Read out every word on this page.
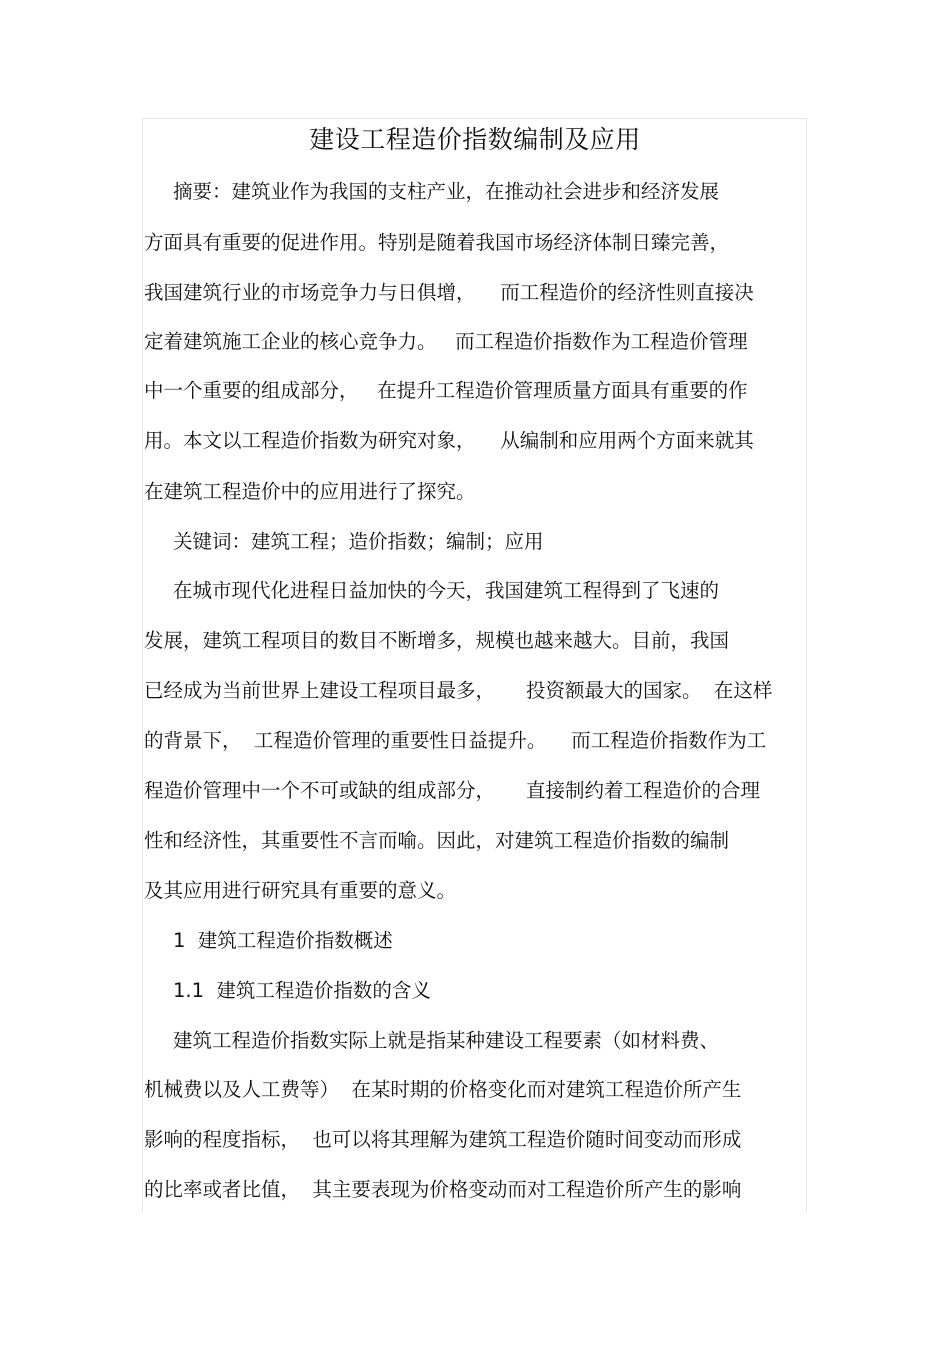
建设工程造价指数编制及应用
摘要：建筑业作为我国的支柱产业，在推动社会进步和经济发展
方面具有重要的促进作用。特别是随着我国市场经济体制日臻完善，
我国建筑行业的市场竞争力与日俱增，    而工程造价的经济性则直接决
定着建筑施工企业的核心竞争力。   而工程造价指数作为工程造价管理
中一个重要的组成部分，   在提升工程造价管理质量方面具有重要的作
用。本文以工程造价指数为研究对象，    从编制和应用两个方面来就其
在建筑工程造价中的应用进行了探究。
关键词：建筑工程；造价指数；编制；应用
在城市现代化进程日益加快的今天，我国建筑工程得到了飞速的
发展，建筑工程项目的数目不断增多，规模也越来越大。目前，我国
已经成为当前世界上建设工程项目最多，     投资额最大的国家。  在这样
的背景下，  工程造价管理的重要性日益提升。    而工程造价指数作为工
程造价管理中一个不可或缺的组成部分，     直接制约着工程造价的合理
性和经济性，其重要性不言而喻。因此，对建筑工程造价指数的编制
及其应用进行研究具有重要的意义。
1  建筑工程造价指数概述
1.1  建筑工程造价指数的含义
建筑工程造价指数实际上就是指某种建设工程要素（如材料费、
机械费以及人工费等）  在某时期的价格变化而对建筑工程造价所产生
影响的程度指标，  也可以将其理解为建筑工程造价随时间变动而形成
的比率或者比值，  其主要表现为价格变动而对工程造价所产生的影响
